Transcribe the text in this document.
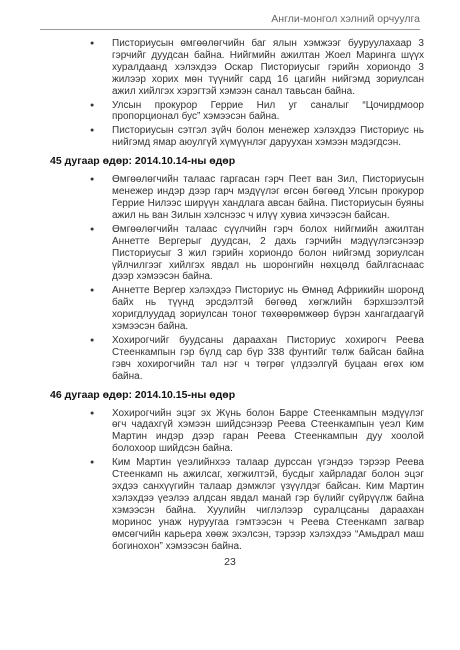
Англи-монгол хэлний орчуулга
● Писториусын өмгөөлөгчийн баг ялын хэмжээг бууруулахаар 3 гэрчийг дуудсан байна. Нийгмийн ажилтан Жоел Маринга шүүх хуралдаанд хэлэхдээ Оскар Писториусыг гэрийн хориондо 3 жилээр хорих мөн түүнийг сард 16 цагийн нийгэмд зориулсан ажил хийлгэх хэрэгтэй хэмээн санал тавьсан байна.
● Улсын прокурор Геррие Нил уг саналыг “Цочирдмоор пропорционал бус” хэмээсэн байна.
● Писториусын сэтгэл зүйч болон менежер хэлэхдээ Писториус нь нийгэмд ямар аюулгүй хүмүүнлэг даруухан хэмээн мэдэгдсэн.
45 дугаар өдөр: 2014.10.14-ны өдөр
● Өмгөөлөгчийн талаас гаргасан гэрч Пеет ван Зил, Писториусын менежер индэр дээр гарч мэдүүлэг өгсөн бөгөөд Улсын прокурор Геррие Нилээс ширүүн хандлага авсан байна. Писториусын буяны ажил нь ван Зилын хэлснээс ч илүү хувиа хичээсэн байсан.
● Өмгөөлөгчийн талаас сүүлчийн гэрч болох нийгмийн ажилтан Аннетте Вергерыг дуудсан, 2 дахь гэрчийн мэдүүлэгсэнээр Писториусыг 3 жил гэрийн хориондо болон нийгэмд зориулсан үйлчилгээг хийлгэх явдал нь шоронгийн нөхцөлд байлгаснаас дээр хэмээсэн байна.
● Аннетте Вергер хэлэхдээ Писториус нь Өмнөд Африкийн шоронд байх нь түүнд эрсдэлтэй бөгөөд хөгжлийн бэрхшээлтэй хоригдлуудад зориулсан тоног төхөөрөмжөөр бүрэн хангагдаагүй хэмээсэн байна.
● Хохирогчийг буудсаны дараахан Писториус хохирогч Реева Стеенкампын гэр бүлд сар бүр 338 фунтийг төлж байсан байна гэвч хохирогчийн тал нэг ч төгрөг үлдээлгүй буцаан өгөх юм байна.
46 дугаар өдөр: 2014.10.15-ны өдөр
● Хохирогчийн эцэг эх Жүнь болон Барре Стеенкампын мэдүүлэг өгч чадахгүй хэмээн шийдсэнээр Реева Стеенкампын үеэл Ким Мартин индэр дээр гаран Реева Стеенкампын дуу хоолой болохоор шийдсэн байна.
● Ким Мартин үеэлийнхээ талаар дурссан үгэндээ тэрээр Реева Стеенкамп нь ажилсаг, хөгжилтэй, бусдыг хайрладаг болон эцэг эхдээ санхүүгийн талаар дэмжлэг үзүүлдэг байсан. Ким Мартин хэлэхдээ үеэлээ алдсан явдал манай гэр бүлийг сүйрүүлж байна хэмээсэн байна. Хуулийн чиглэлээр суралцсаны дараахан моринос унаж нуруугаа гэмтээсэн ч Реева Стеенкамп загвар өмсөгчийн карьера хөөж эхэлсэн, тэрээр хэлэхдээ “Амьдрал маш богинохон” хэмээсэн байна.
23
